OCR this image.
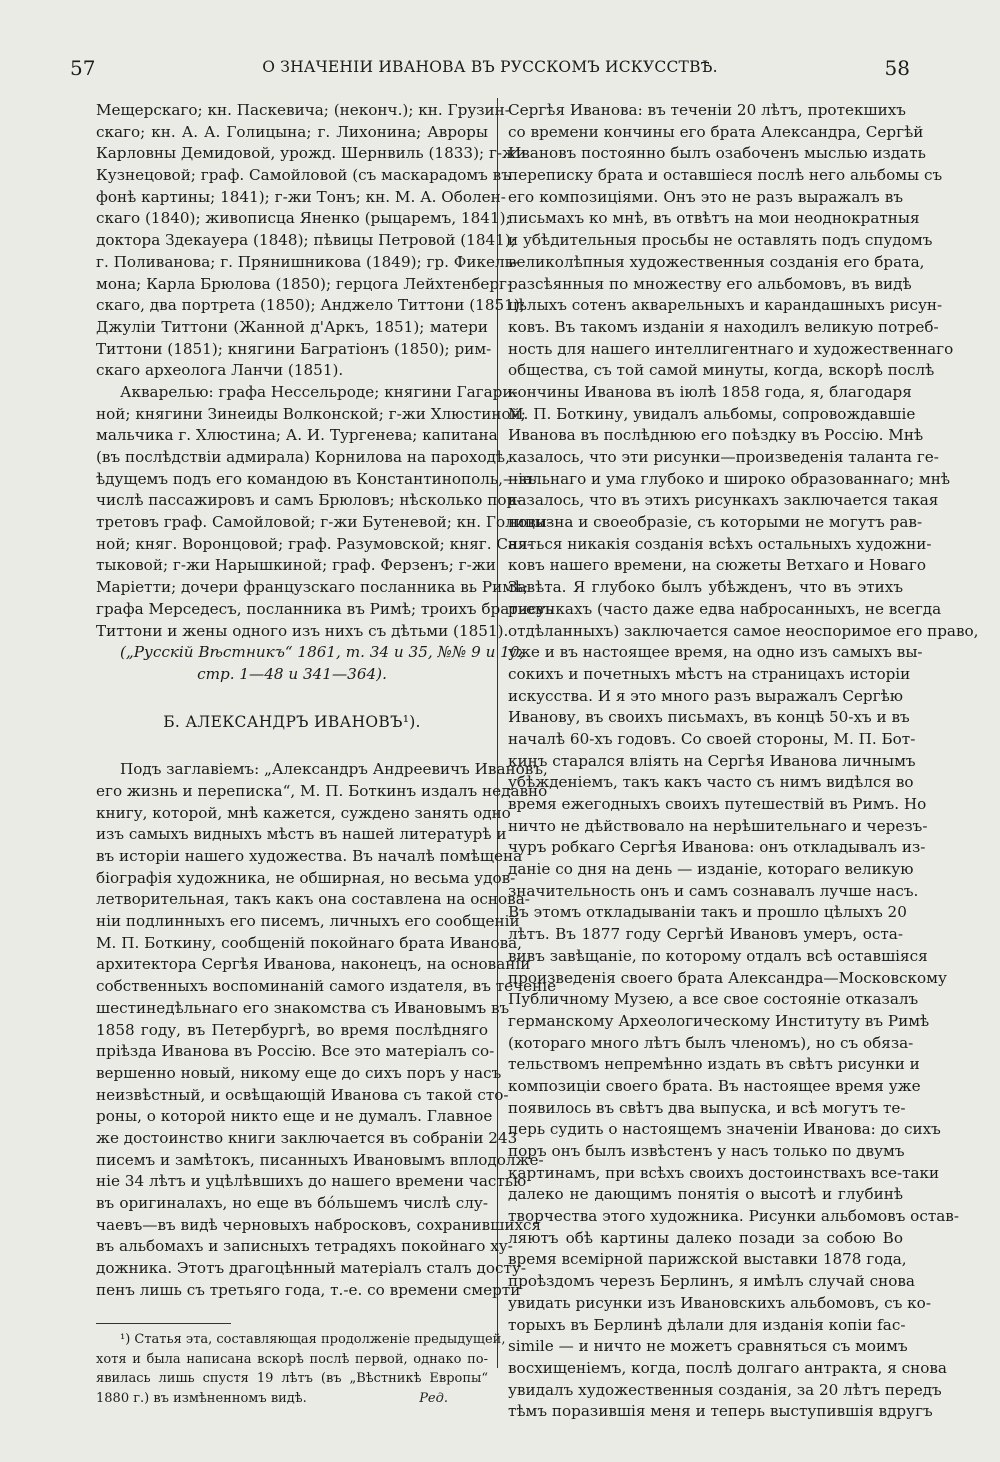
57	О ЗНАЧЕНІИ ИВАНОВА ВЪ РУССКОМЪ ИСКУССТВѢ.	58
Мещерскаго; кн. Паскевича; (неконч.); кн. Грузин-
скаго; кн. А. А. Голицына; г. Лихонина; Авроры
Карловны Демидовой, урожд. Шернвиль (1833); г-жи
Кузнецовой; граф. Самойловой (съ маскарадомъ въ
фонѣ картины; 1841); г-жи Тонъ; кн. М. А. Оболен-
скаго (1840); живописца Яненко (рыцаремъ, 1841);
доктора Здекауера (1848); пѣвицы Петровой (1841);
г. Поливанова; г. Прянишникова (1849); гр. Фикель-
мона; Карла Брюлова (1850); герцога Лейхтенберг-
скаго, два портрета (1850); Анджело Титтони (1851);
Джуліи Титтони (Жанной д'Аркъ, 1851); матери
Титтони (1851); княгини Багратіонъ (1850); рим-
скаго археолога Ланчи (1851).
Акварелью: графа Нессельроде; княгини Гагари-
ной; княгини Зинеиды Волконской; г-жи Хлюстиной;
мальчика г. Хлюстина; А. И. Тургенева; капитана
(въ послѣдствіи адмирала) Корнилова на пароходѣ,
ѣдущемъ подъ его командою въ Константинополь,—въ
числѣ пассажировъ и самъ Брюловъ; нѣсколько пор-
третовъ граф. Самойловой; г-жи Бутеневой; кн. Голицы-
ной; княг. Воронцовой; граф. Разумовской; княг. Сал-
тыковой; г-жи Нарышкиной; граф. Ферзенъ; г-жи
Маріетти; дочери французскаго посланника вь Римѣ;
графа Мерседесъ, посланника въ Римѣ; троихъ братьевъ
Титтони и жены одного изъ нихъ съ дѣтьми (1851).
(„Русскій Вѣстникъ“ 1861, т. 34 и 35, №№ 9 и 10,
стр. 1—48 и 341—364).
Б. АЛЕКСАНДРЪ ИВАНОВЪ¹).
Подъ заглавіемъ: „Александръ Андреевичъ Ивановъ,
его жизнь и переписка“, М. П. Боткинъ издалъ недавно
книгу, которой, мнѣ кажется, суждено занять одно
изъ самыхъ видныхъ мѣстъ въ нашей литературѣ и
въ исторіи нашего художества. Въ началѣ помѣщена
біографія художника, не обширная, но весьма удов-
летворительная, такъ какъ она составлена на основа-
ніи подлинныхъ его писемъ, личныхъ его сообщеній
М. П. Боткину, сообщеній покойнаго брата Иванова,
архитектора Сергѣя Иванова, наконецъ, на основаніи
собственныхъ воспоминаній самого издателя, въ теченіе
шестинедѣльнаго его знакомства съ Ивановымъ въ
1858 году, въ Петербургѣ, во время послѣдняго
пріѣзда Иванова въ Россію. Все это матеріалъ со-
вершенно новый, никому еще до сихъ поръ у насъ
неизвѣстный, и освѣщающій Иванова съ такой сто-
роны, о которой никто еще и не думалъ. Главное
же достоинство книги заключается въ собраніи 243
писемъ и замѣтокъ, писанныхъ Ивановымъ вплодолже-
ніе 34 лѣтъ и уцѣлѣвшихъ до нашего времени частью
въ оригиналахъ, но еще въ бóльшемъ числѣ слу-
чаевъ—въ видѣ черновыхъ набросковъ, сохранившихся
въ альбомахъ и записныхъ тетрадяхъ покойнаго ху-
дожника. Этотъ драгоцѣнный матеріалъ сталъ досту-
пенъ лишь съ третьяго года, т.-е. со времени смерти
¹) Статья эта, составляющая продолженіе предыдущей,
хотя и была написана вскорѣ послѣ первой, однако по-
явилась лишь спустя 19 лѣтъ (въ „Вѣстникѣ Европы“
1880 г.) въ измѣненномъ видѣ.	Ред.
Сергѣя Иванова: въ теченіи 20 лѣтъ, протекшихъ
со времени кончины его брата Александра, Сергѣй
Ивановъ постоянно былъ озабоченъ мыслью издать
переписку брата и оставшіеся послѣ него альбомы съ
его композиціями. Онъ это не разъ выражалъ въ
письмахъ ко мнѣ, въ отвѣтъ на мои неоднократныя
и убѣдительныя просьбы не оставлять подъ спудомъ
великолѣпныя художественныя созданія его брата,
разсѣянныя по множеству его альбомовъ, въ видѣ
цѣлыхъ сотенъ акварельныхъ и карандашныхъ рисун-
ковъ. Въ такомъ изданіи я находилъ великую потреб-
ность для нашего интеллигентнаго и художественнаго
общества, съ той самой минуты, когда, вскорѣ послѣ
кончины Иванова въ іюлѣ 1858 года, я, благодаря
М. П. Боткину, увидалъ альбомы, сопровождавшіе
Иванова въ послѣднюю его поѣздку въ Россію. Мнѣ
казалось, что эти рисунки—произведенія таланта ге-
ніальнаго и ума глубоко и широко образованнаго; мнѣ
казалось, что въ этихъ рисункахъ заключается такая
новизна и своеобразіе, съ которыми не могутъ рав-
няться никакія созданія всѣхъ остальныхъ художни-
ковъ нашего времени, на сюжеты Ветхаго и Новаго
Завѣта. Я глубоко былъ убѣжденъ, что въ этихъ
рисункахъ (часто даже едва набросанныхъ, не всегда
отдѣланныхъ) заключается самое неоспоримое его право,
уже и въ настоящее время, на одно изъ самыхъ вы-
сокихъ и почетныхъ мѣстъ на страницахъ исторіи
искусства. И я это много разъ выражалъ Сергѣю
Иванову, въ своихъ письмахъ, въ концѣ 50-хъ и въ
началѣ 60-хъ годовъ. Со своей стороны, М. П. Бот-
кинъ старался вліять на Сергѣя Иванова личнымъ
убѣжденіемъ, такъ какъ часто съ нимъ видѣлся во
время ежегодныхъ своихъ путешествій въ Римъ. Но
ничто не дѣйствовало на нерѣшительнаго и черезъ-
чуръ робкаго Сергѣя Иванова: онъ откладывалъ из-
даніе со дня на день — изданіе, котораго великую
значительность онъ и самъ сознавалъ лучше насъ.
Въ этомъ откладываніи такъ и прошло цѣлыхъ 20
лѣтъ. Въ 1877 году Сергѣй Ивановъ умеръ, оста-
вивъ завѣщаніе, по которому отдалъ всѣ оставшіяся
произведенія своего брата Александра—Московскому
Публичному Музею, а все свое состояніе отказалъ
германскому Археологическому Институту въ Римѣ
(котораго много лѣтъ былъ членомъ), но съ обяза-
тельствомъ непремѣнно издать въ свѣтъ рисунки и
композиціи своего брата. Въ настоящее время уже
появилось въ свѣтъ два выпуска, и всѣ могутъ те-
перь судить о настоящемъ значеніи Иванова: до сихъ
поръ онъ былъ извѣстенъ у насъ только по двумъ
картинамъ, при всѣхъ своихъ достоинствахъ все-таки
далеко не дающимъ понятія о высотѣ и глубинѣ
творчества этого художника. Рисунки альбомовъ остав-
ляютъ обѣ картины далеко позади за собою Во
время всемірной парижской выставки 1878 года,
проѣздомъ черезъ Берлинъ, я имѣлъ случай снова
увидать рисунки изъ Ивановскихъ альбомовъ, съ ко-
торыхъ въ Берлинѣ дѣлали для изданія копіи fac-
simile — и ничто не можетъ сравняться съ моимъ
восхищеніемъ, когда, послѣ долгаго антракта, я снова
увидалъ художественныя созданія, за 20 лѣтъ передъ
тѣмъ поразившія меня и теперь выступившія вдругъ
